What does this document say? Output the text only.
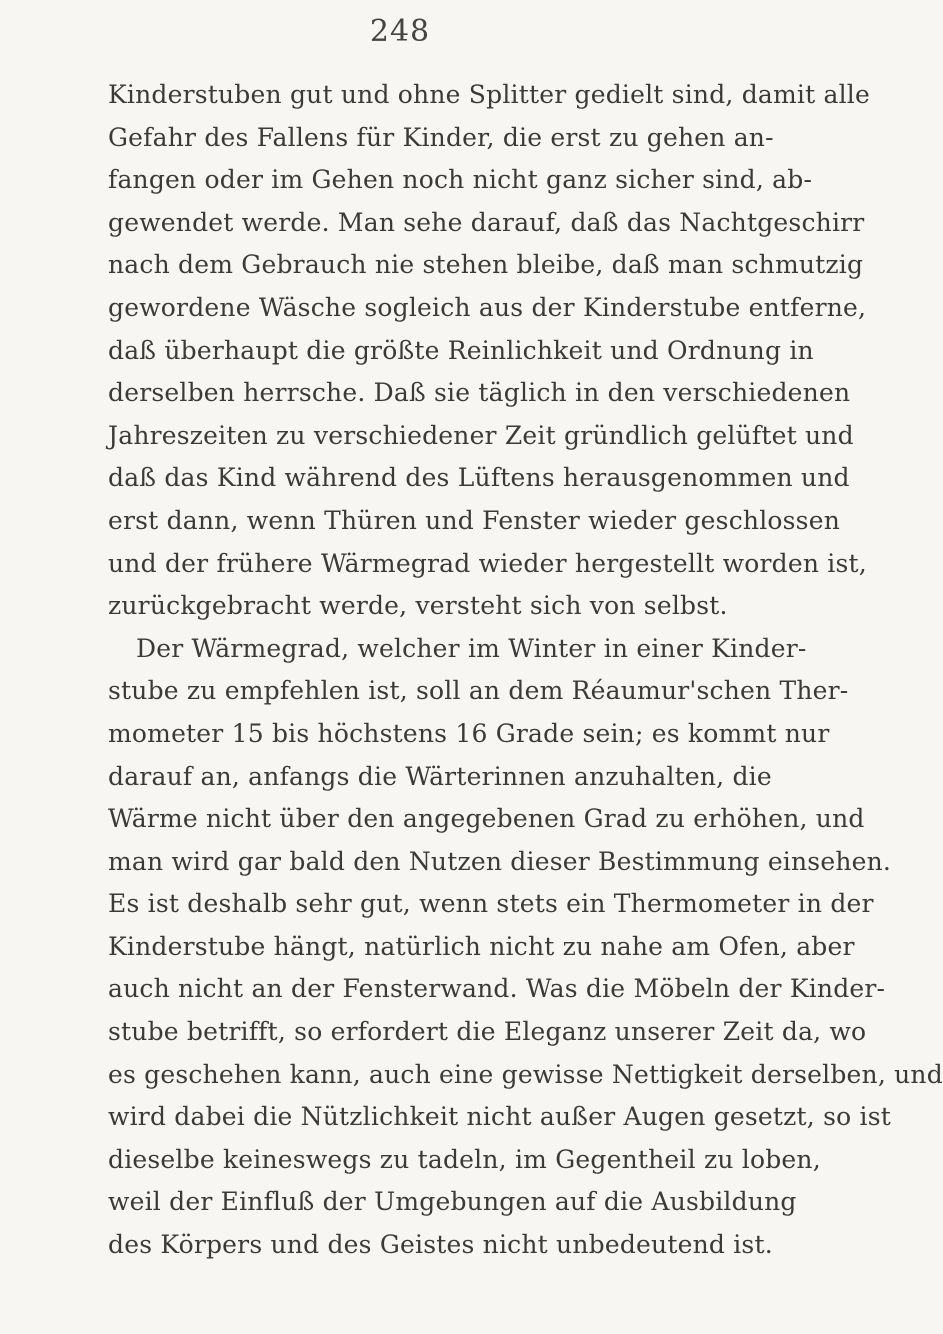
248
Kinderstuben gut und ohne Splitter gedielt sind, damit alle
Gefahr des Fallens für Kinder, die erst zu gehen an-
fangen oder im Gehen noch nicht ganz sicher sind, ab-
gewendet werde. Man sehe darauf, daß das Nachtgeschirr
nach dem Gebrauch nie stehen bleibe, daß man schmutzig
gewordene Wäsche sogleich aus der Kinderstube entferne,
daß überhaupt die größte Reinlichkeit und Ordnung in
derselben herrsche. Daß sie täglich in den verschiedenen
Jahreszeiten zu verschiedener Zeit gründlich gelüftet und
daß das Kind während des Lüftens herausgenommen und
erst dann, wenn Thüren und Fenster wieder geschlossen
und der frühere Wärmegrad wieder hergestellt worden ist,
zurückgebracht werde, versteht sich von selbst.
Der Wärmegrad, welcher im Winter in einer Kinder-
stube zu empfehlen ist, soll an dem Réaumur'schen Ther-
mometer 15 bis höchstens 16 Grade sein; es kommt nur
darauf an, anfangs die Wärterinnen anzuhalten, die
Wärme nicht über den angegebenen Grad zu erhöhen, und
man wird gar bald den Nutzen dieser Bestimmung einsehen.
Es ist deshalb sehr gut, wenn stets ein Thermometer in der
Kinderstube hängt, natürlich nicht zu nahe am Ofen, aber
auch nicht an der Fensterwand. Was die Möbeln der Kinder-
stube betrifft, so erfordert die Eleganz unserer Zeit da, wo
es geschehen kann, auch eine gewisse Nettigkeit derselben, und
wird dabei die Nützlichkeit nicht außer Augen gesetzt, so ist
dieselbe keineswegs zu tadeln, im Gegentheil zu loben,
weil der Einfluß der Umgebungen auf die Ausbildung
des Körpers und des Geistes nicht unbedeutend ist.
